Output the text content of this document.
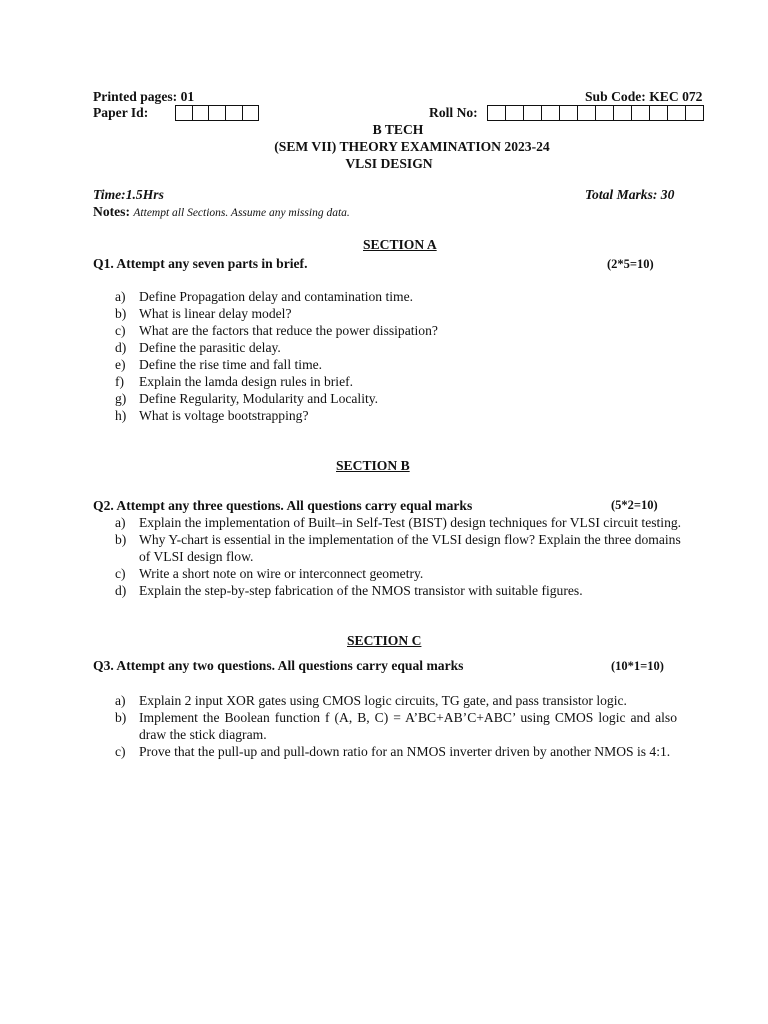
Printed pages: 01	Sub Code: KEC 072
Paper Id:	Roll No:
B TECH
(SEM VII) THEORY EXAMINATION 2023-24
VLSI DESIGN
Time:1.5Hrs	Total Marks: 30
Notes: Attempt all Sections. Assume any missing data.
SECTION A
Q1. Attempt any seven parts in brief.	(2*5=10)
a) Define Propagation delay and contamination time.
b) What is linear delay model?
c) What are the factors that reduce the power dissipation?
d) Define the parasitic delay.
e) Define the rise time and fall time.
f) Explain the lamda design rules in brief.
g) Define Regularity, Modularity and Locality.
h) What is voltage bootstrapping?
SECTION B
Q2. Attempt any three questions. All questions carry equal marks	(5*2=10)
a) Explain the implementation of Built–in Self-Test (BIST) design techniques for VLSI circuit testing.
b) Why Y-chart is essential in the implementation of the VLSI design flow? Explain the three domains of VLSI design flow.
c) Write a short note on wire or interconnect geometry.
d) Explain the step-by-step fabrication of the NMOS transistor with suitable figures.
SECTION C
Q3. Attempt any two questions. All questions carry equal marks	(10*1=10)
a) Explain 2 input XOR gates using CMOS logic circuits, TG gate, and pass transistor logic.
b) Implement the Boolean function f (A, B, C) = A’BC+AB’C+ABC’ using CMOS logic and also draw the stick diagram.
c) Prove that the pull-up and pull-down ratio for an NMOS inverter driven by another NMOS is 4:1.
